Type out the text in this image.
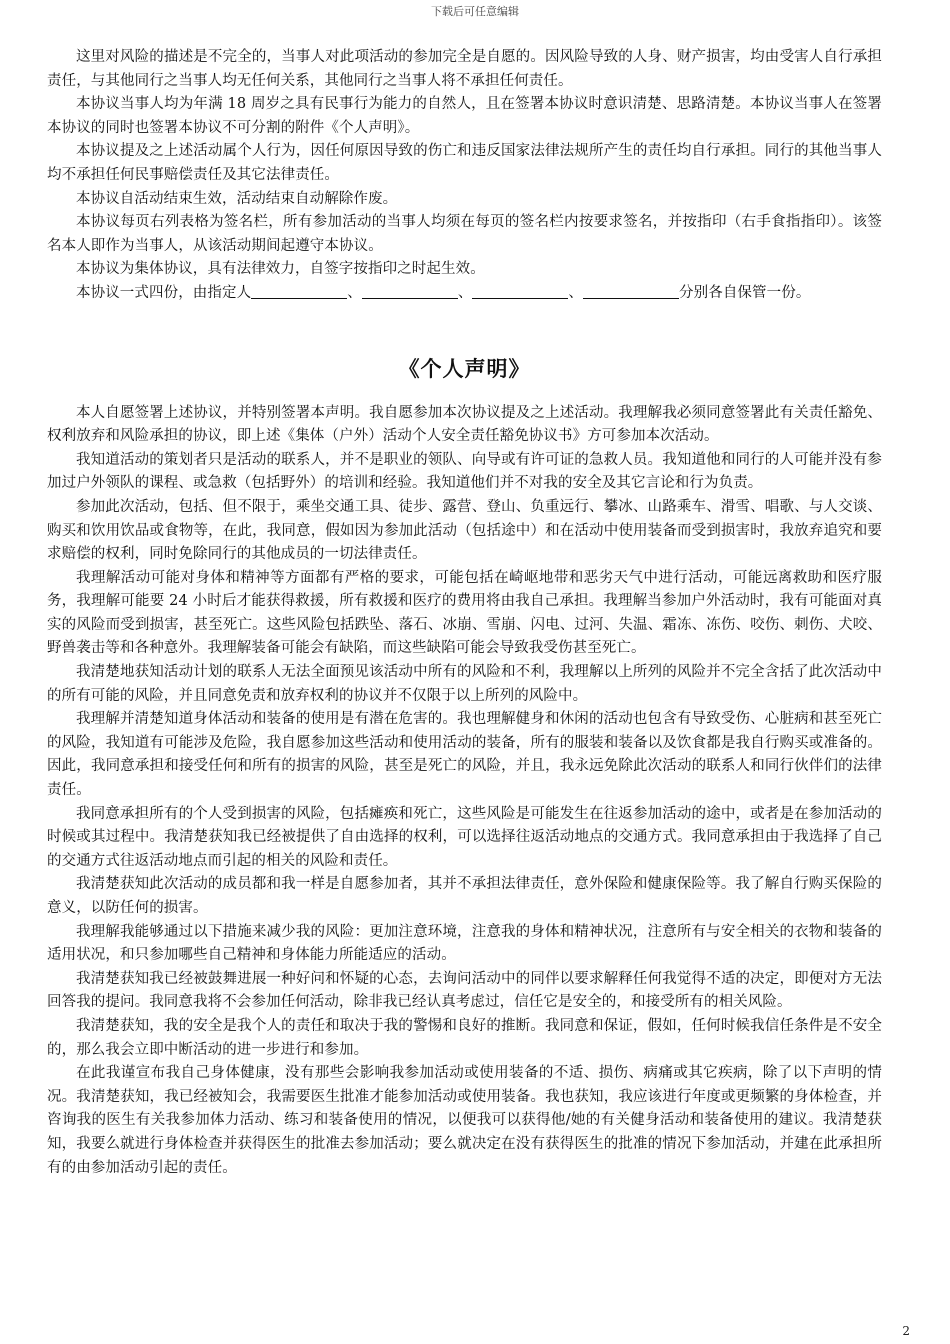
下载后可任意编辑

这里对风险的描述是不完全的，当事人对此项活动的参加完全是自愿的。因风险导致的人身、财产损害，均由受害人自行承担责任，与其他同行之当事人均无任何关系，其他同行之当事人将不承担任何责任。

本协议当事人均为年满 18 周岁之具有民事行为能力的自然人，且在签署本协议时意识清楚、思路清楚。本协议当事人在签署本协议的同时也签署本协议不可分割的附件《个人声明》。

本协议提及之上述活动属个人行为，因任何原因导致的伤亡和违反国家法律法规所产生的责任均自行承担。同行的其他当事人均不承担任何民事赔偿责任及其它法律责任。

本协议自活动结束生效，活动结束自动解除作废。

本协议每页右列表格为签名栏，所有参加活动的当事人均须在每页的签名栏内按要求签名，并按指印（右手食指指印）。该签名本人即作为当事人，从该活动期间起遵守本协议。

本协议为集体协议，具有法律效力，自签字按指印之时起生效。

本协议一式四份，由指定人	、	、	、	分别各自保管一份。

《个人声明》

本人自愿签署上述协议，并特别签署本声明。我自愿参加本次协议提及之上述活动。我理解我必须同意签署此有关责任豁免、权利放弃和风险承担的协议，即上述《集体（户外）活动个人安全责任豁免协议书》方可参加本次活动。

我知道活动的策划者只是活动的联系人，并不是职业的领队、向导或有许可证的急救人员。我知道他和同行的人可能并没有参加过户外领队的课程、或急救（包括野外）的培训和经验。我知道他们并不对我的安全及其它言论和行为负责。

参加此次活动，包括、但不限于，乘坐交通工具、徒步、露营、登山、负重远行、攀冰、山路乘车、滑雪、唱歌、与人交谈、购买和饮用饮品或食物等，在此，我同意，假如因为参加此活动（包括途中）和在活动中使用装备而受到损害时，我放弃追究和要求赔偿的权利，同时免除同行的其他成员的一切法律责任。

我理解活动可能对身体和精神等方面都有严格的要求，可能包括在崎岖地带和恶劣天气中进行活动，可能远离救助和医疗服务，我理解可能要 24 小时后才能获得救援，所有救援和医疗的费用将由我自己承担。我理解当参加户外活动时，我有可能面对真实的风险而受到损害，甚至死亡。这些风险包括跌坠、落石、冰崩、雪崩、闪电、过河、失温、霜冻、冻伤、咬伤、刺伤、犬咬、野兽袭击等和各种意外。我理解装备可能会有缺陷，而这些缺陷可能会导致我受伤甚至死亡。

我清楚地获知活动计划的联系人无法全面预见该活动中所有的风险和不利，我理解以上所列的风险并不完全含括了此次活动中的所有可能的风险，并且同意免责和放弃权利的协议并不仅限于以上所列的风险中。

我理解并清楚知道身体活动和装备的使用是有潜在危害的。我也理解健身和休闲的活动也包含有导致受伤、心脏病和甚至死亡的风险，我知道有可能涉及危险，我自愿参加这些活动和使用活动的装备，所有的服装和装备以及饮食都是我自行购买或准备的。因此，我同意承担和接受任何和所有的损害的风险，甚至是死亡的风险，并且，我永远免除此次活动的联系人和同行伙伴们的法律责任。

我同意承担所有的个人受到损害的风险，包括瘫痪和死亡，这些风险是可能发生在往返参加活动的途中，或者是在参加活动的时候或其过程中。我清楚获知我已经被提供了自由选择的权利，可以选择往返活动地点的交通方式。我同意承担由于我选择了自己的交通方式往返活动地点而引起的相关的风险和责任。

我清楚获知此次活动的成员都和我一样是自愿参加者，其并不承担法律责任，意外保险和健康保险等。我了解自行购买保险的意义，以防任何的损害。

我理解我能够通过以下措施来减少我的风险：更加注意环境，注意我的身体和精神状况，注意所有与安全相关的衣物和装备的适用状况，和只参加哪些自己精神和身体能力所能适应的活动。

我清楚获知我已经被鼓舞进展一种好问和怀疑的心态，去询问活动中的同伴以要求解释任何我觉得不适的决定，即便对方无法回答我的提问。我同意我将不会参加任何活动，除非我已经认真考虑过，信任它是安全的，和接受所有的相关风险。

我清楚获知，我的安全是我个人的责任和取决于我的警惕和良好的推断。我同意和保证，假如，任何时候我信任条件是不安全的，那么我会立即中断活动的进一步进行和参加。

在此我谨宣布我自己身体健康，没有那些会影响我参加活动或使用装备的不适、损伤、病痛或其它疾病，除了以下声明的情况。我清楚获知，我已经被知会，我需要医生批准才能参加活动或使用装备。我也获知，我应该进行年度或更频繁的身体检查，并咨询我的医生有关我参加体力活动、练习和装备使用的情况，以便我可以获得他/她的有关健身活动和装备使用的建议。我清楚获知，我要么就进行身体检查并获得医生的批准去参加活动；要么就决定在没有获得医生的批准的情况下参加活动，并建在此承担所有的由参加活动引起的责任。

2
